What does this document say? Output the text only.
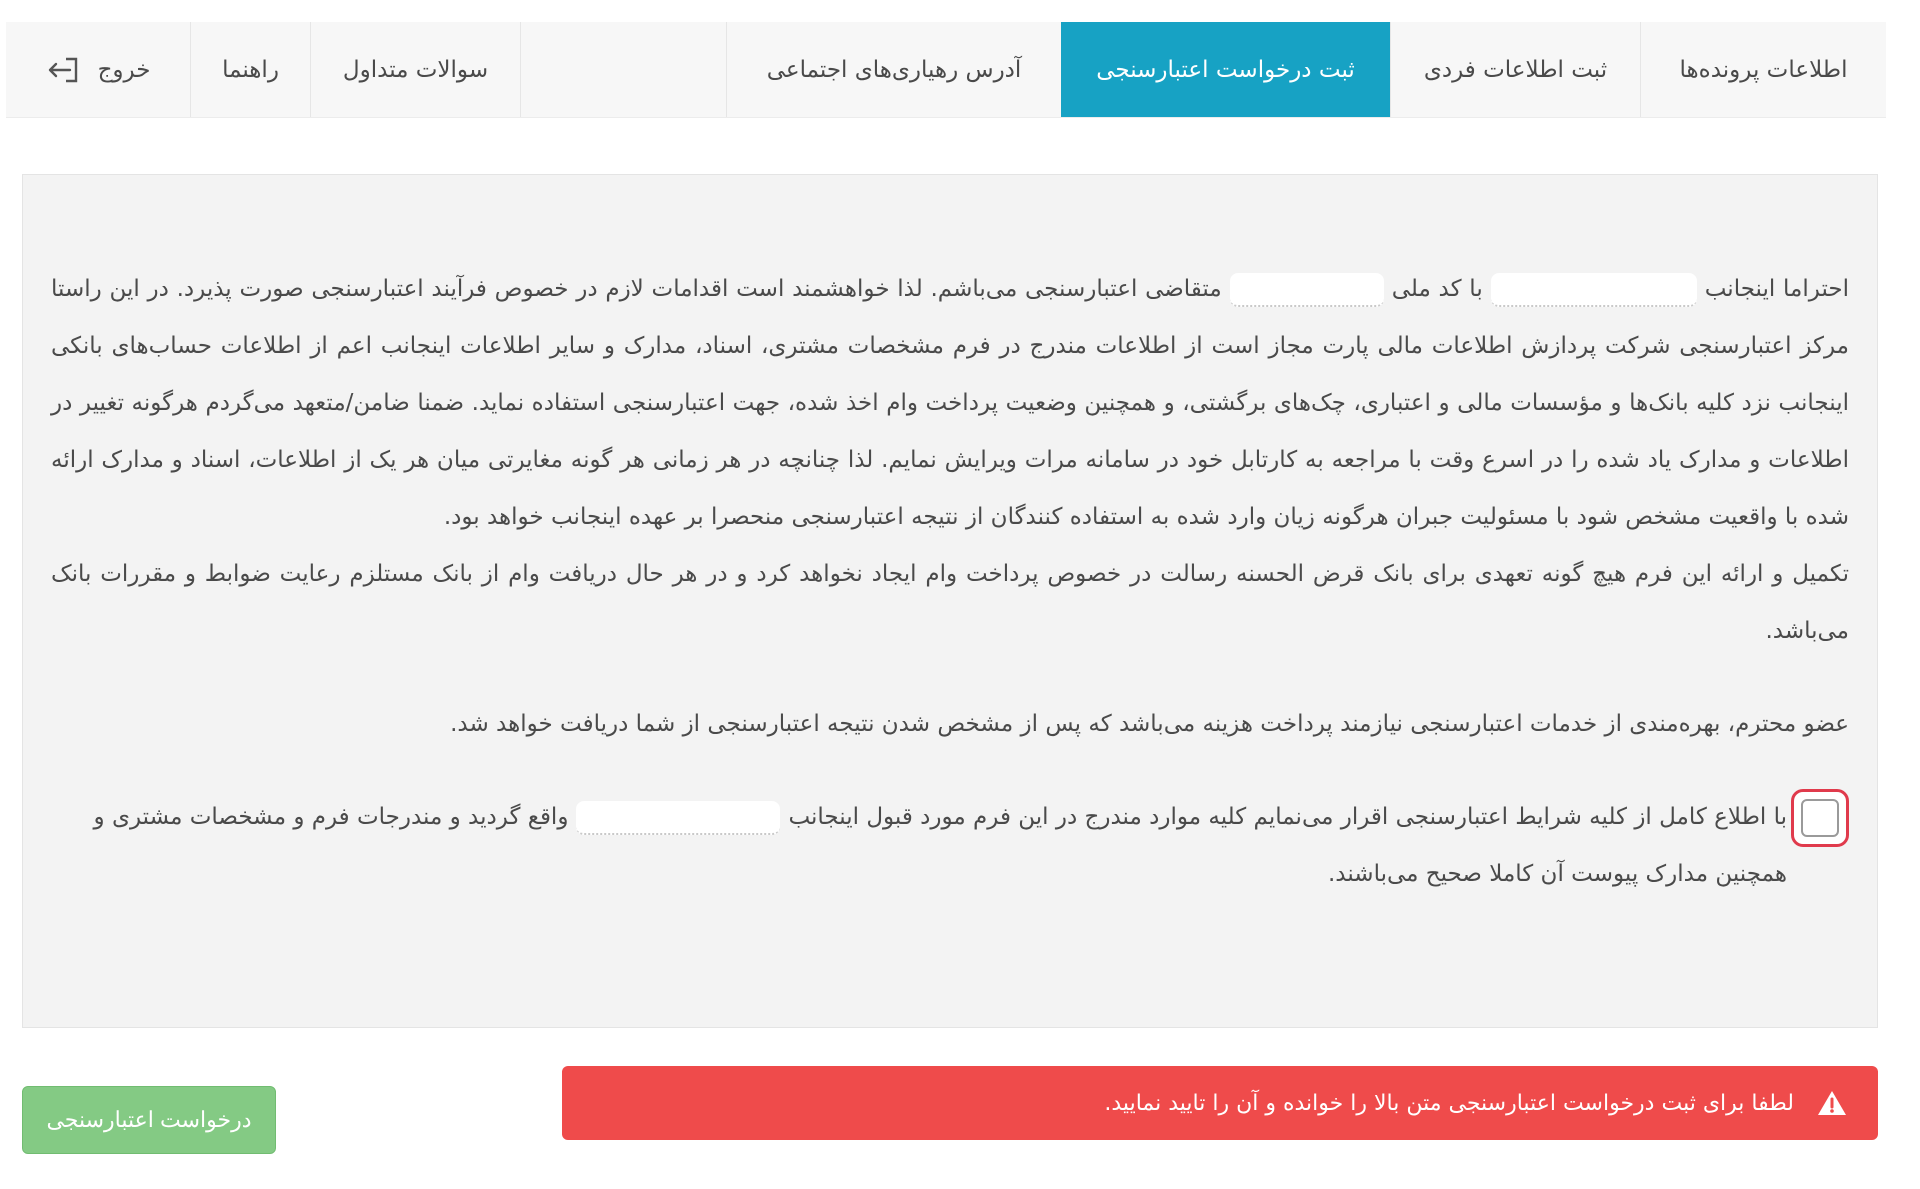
اطلاعات پرونده‌ها
ثبت اطلاعات فردی
ثبت درخواست اعتبارسنجی
آدرس رهیاری‌های اجتماعی
سوالات متداول
راهنما
خروج

احتراما اینجانببا کد ملیمتقاضی اعتبارسنجی می‌باشم. لذا خواهشمند است اقدامات لازم در خصوص فرآیند اعتبارسنجی صورت پذیرد. در این راستا مرکز اعتبارسنجی شرکت پردازش اطلاعات مالی پارت مجاز است از اطلاعات مندرج در فرم مشخصات مشتری، اسناد، مدارک و سایر اطلاعات اینجانب اعم از اطلاعات حساب‌های بانکی اینجانب نزد کلیه بانک‌ها و مؤسسات مالی و اعتباری، چک‌های برگشتی، و همچنین وضعیت پرداخت وام اخذ شده، جهت اعتبارسنجی استفاده نماید. ضمنا ضامن/متعهد می‌گردم هرگونه تغییر در اطلاعات و مدارک یاد شده را در اسرع وقت با مراجعه به کارتابل خود در سامانه مرات ویرایش نمایم. لذا چنانچه در هر زمانی هر گونه مغایرتی میان هر یک از اطلاعات، اسناد و مدارک ارائه شده با واقعیت مشخص شود با مسئولیت جبران هرگونه زیان وارد شده به استفاده کنندگان از نتیجه اعتبارسنجی منحصرا بر عهده اینجانب خواهد بود.

تکمیل و ارائه این فرم هیچ گونه تعهدی برای بانک قرض الحسنه رسالت در خصوص پرداخت وام ایجاد نخواهد کرد و در هر حال دریافت وام از بانک مستلزم رعایت ضوابط و مقررات بانک می‌باشد.

عضو محترم، بهره‌مندی از خدمات اعتبارسنجی نیازمند پرداخت هزینه می‌باشد که پس از مشخص شدن نتیجه اعتبارسنجی از شما دریافت خواهد شد.

با اطلاع کامل از کلیه شرایط اعتبارسنجی اقرار می‌نمایم کلیه موارد مندرج در این فرم مورد قبول اینجانبواقع گردید و مندرجات فرم و مشخصات مشتری و همچنین مدارک پیوست آن کاملا صحیح می‌باشند.

لطفا برای ثبت درخواست اعتبارسنجی متن بالا را خوانده و آن را تایید نمایید.
درخواست اعتبارسنجی
